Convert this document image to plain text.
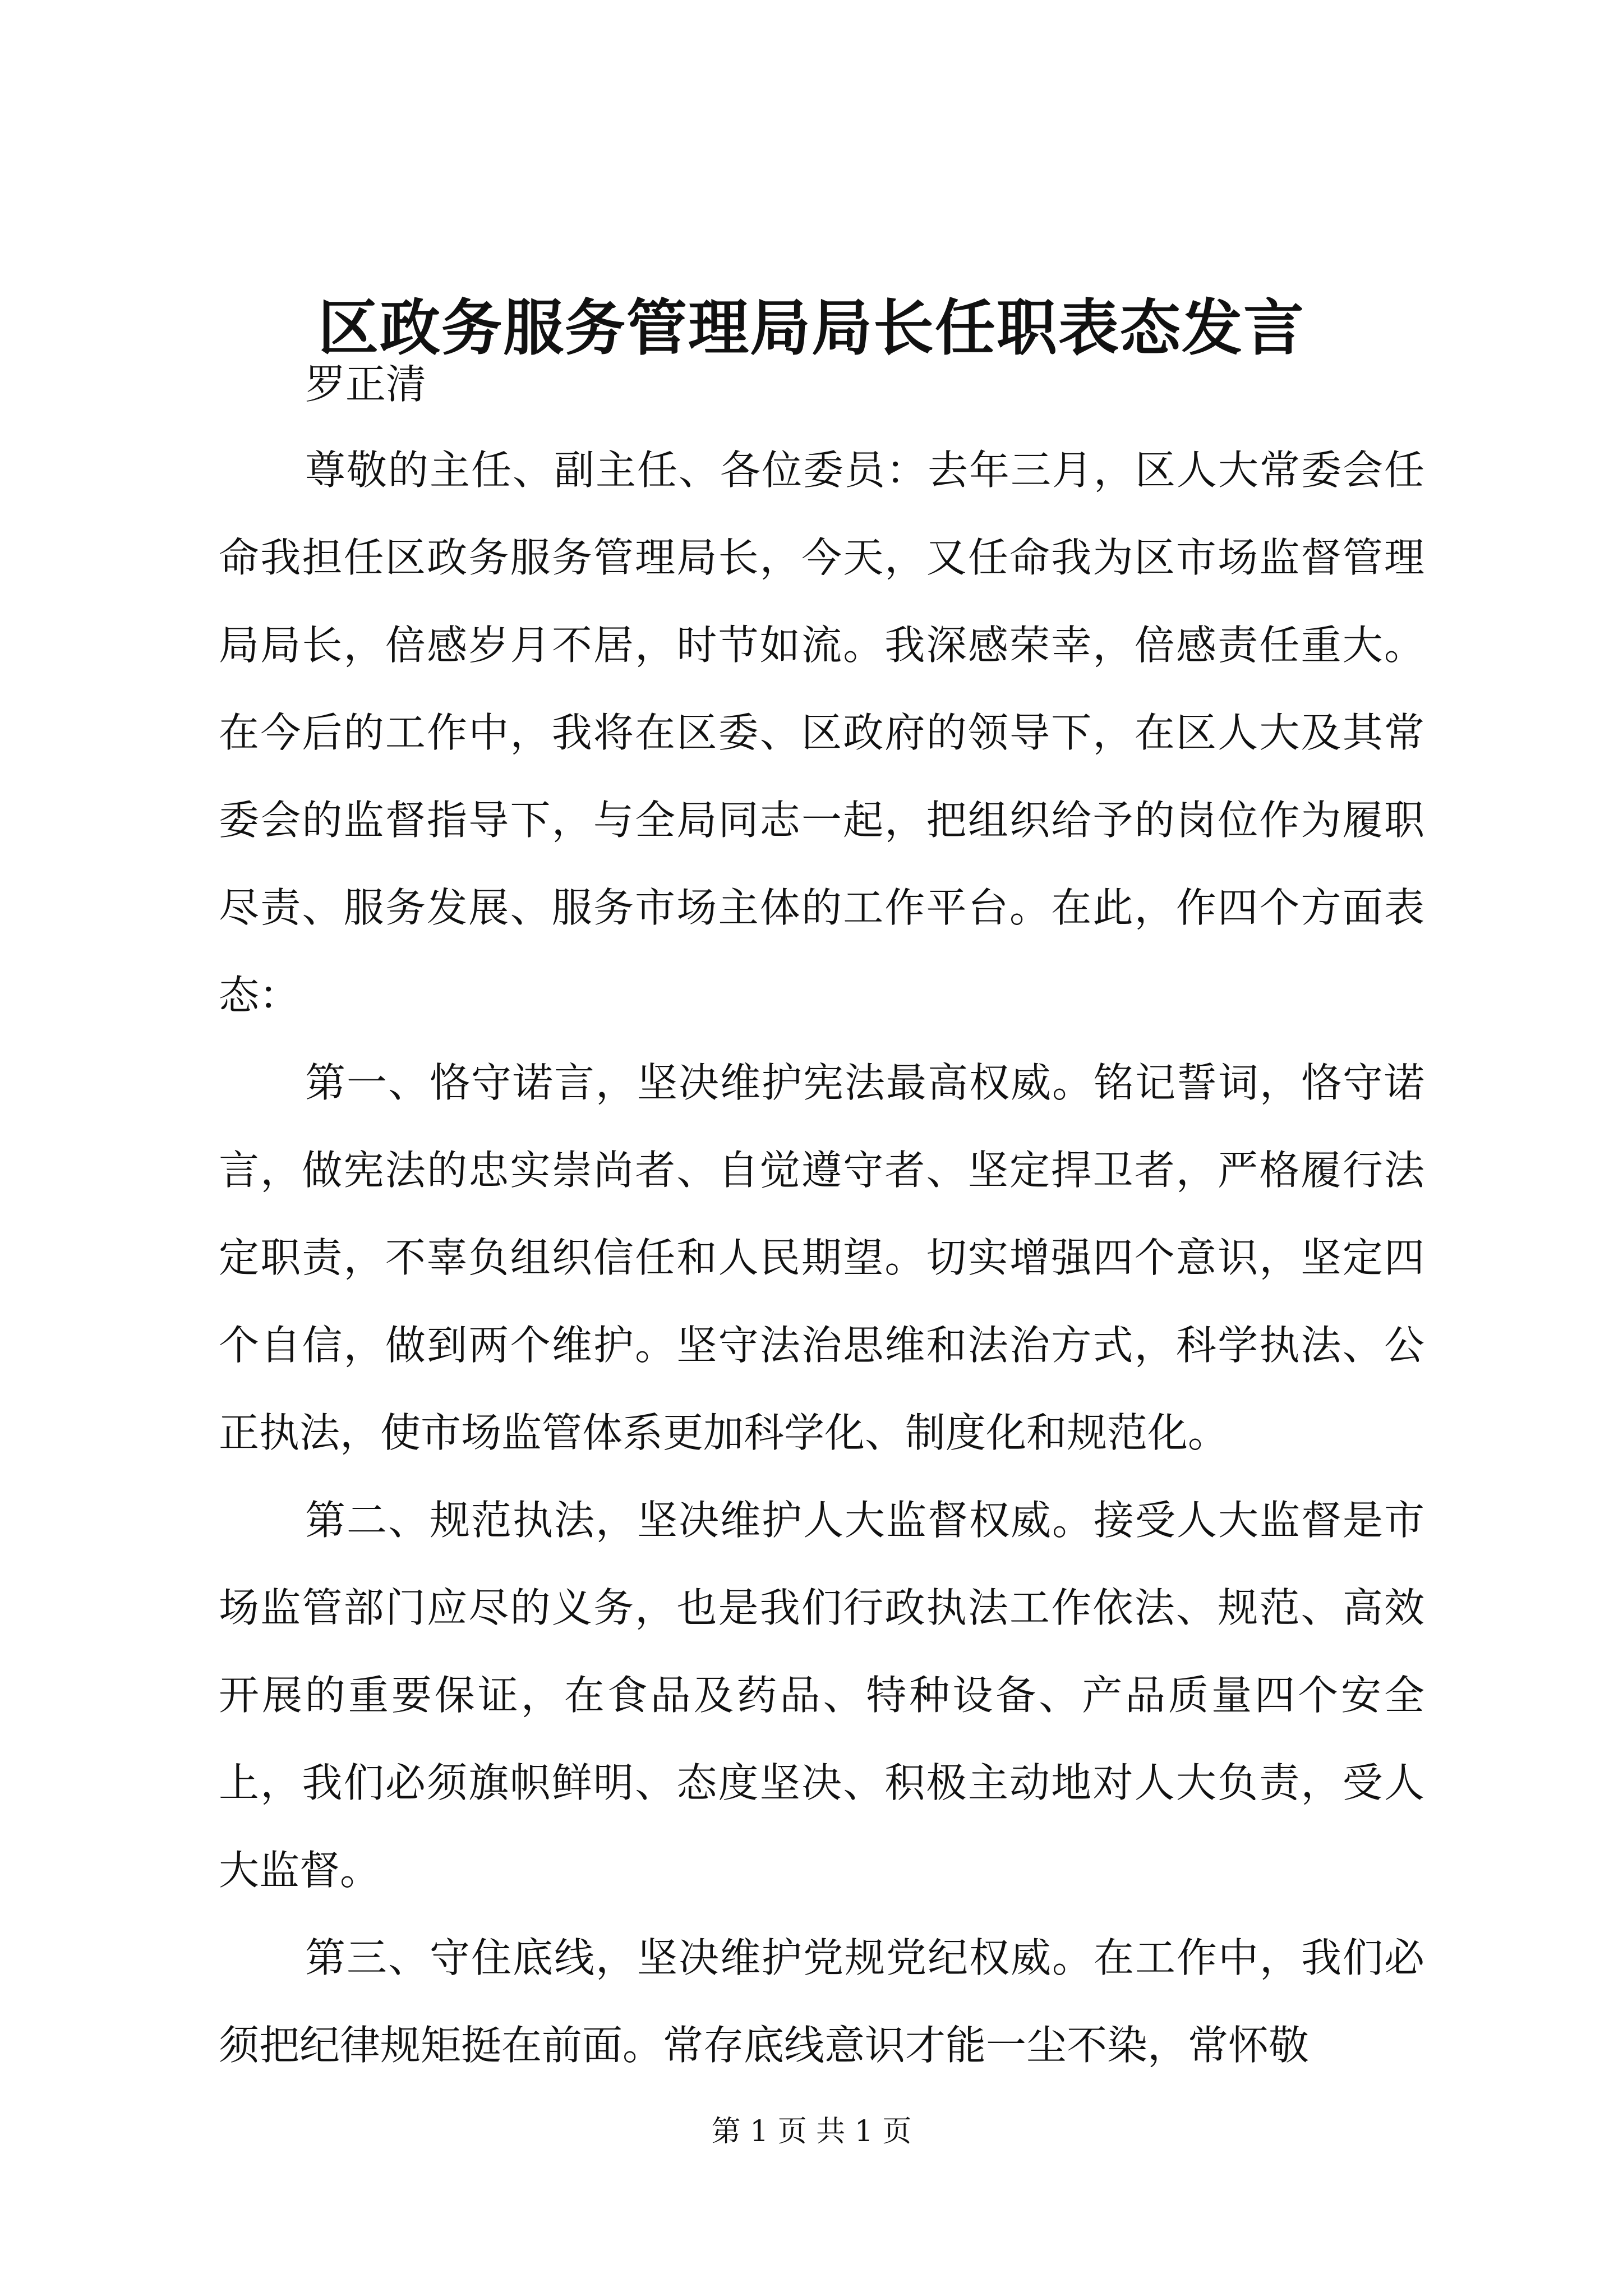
区政务服务管理局局长任职表态发言
罗正清

尊敬的主任、副主任、各位委员：去年三月，区人大常委会任命我担任区政务服务管理局长，今天，又任命我为区市场监督管理局局长，倍感岁月不居，时节如流。我深感荣幸，倍感责任重大。在今后的工作中，我将在区委、区政府的领导下，在区人大及其常委会的监督指导下，与全局同志一起，把组织给予的岗位作为履职尽责、服务发展、服务市场主体的工作平台。在此，作四个方面表态：

第一、恪守诺言，坚决维护宪法最高权威。铭记誓词，恪守诺言，做宪法的忠实崇尚者、自觉遵守者、坚定捍卫者，严格履行法定职责，不辜负组织信任和人民期望。切实增强四个意识，坚定四个自信，做到两个维护。坚守法治思维和法治方式，科学执法、公正执法，使市场监管体系更加科学化、制度化和规范化。

第二、规范执法，坚决维护人大监督权威。接受人大监督是市场监管部门应尽的义务，也是我们行政执法工作依法、规范、高效开展的重要保证，在食品及药品、特种设备、产品质量四个安全上，我们必须旗帜鲜明、态度坚决、积极主动地对人大负责，受人大监督。

第三、守住底线，坚决维护党规党纪权威。在工作中，我们必须把纪律规矩挺在前面。常存底线意识才能一尘不染，常怀敬

第 1 页 共 1 页
